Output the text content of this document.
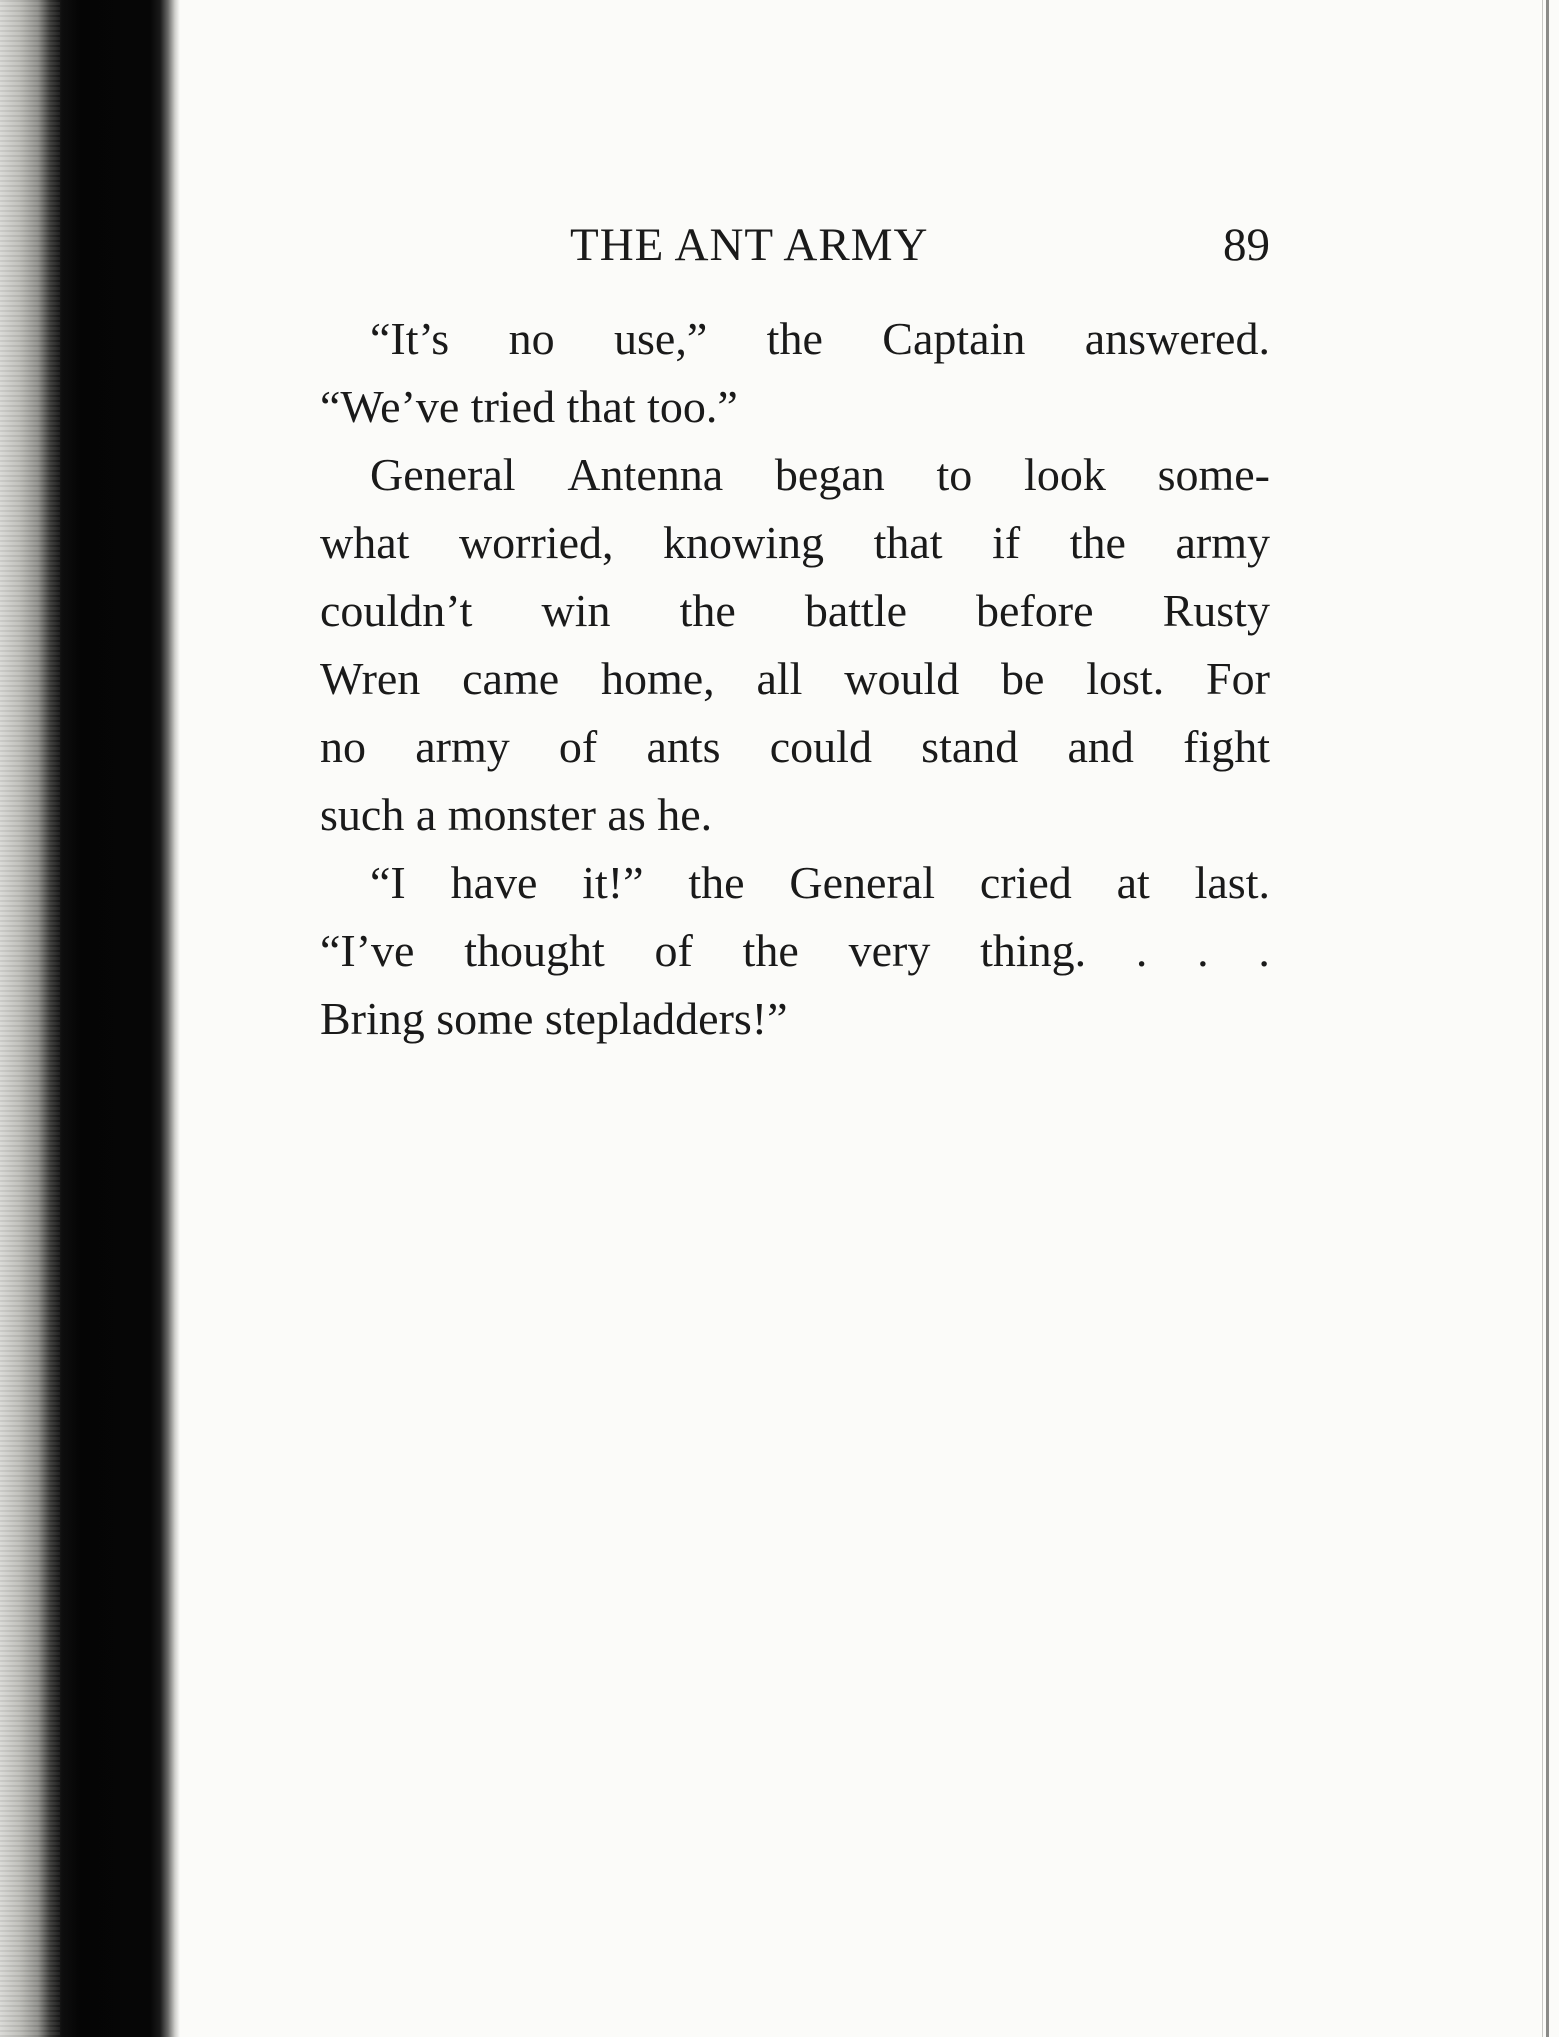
THE ANT ARMY	89
“It’s no use,” the Captain answered.
“We’ve tried that too.”
General Antenna began to look some-
what worried, knowing that if the army
couldn’t win the battle before Rusty
Wren came home, all would be lost. For
no army of ants could stand and fight
such a monster as he.
“I have it!” the General cried at last.
“I’ve thought of the very thing. . . .
Bring some stepladders!”
